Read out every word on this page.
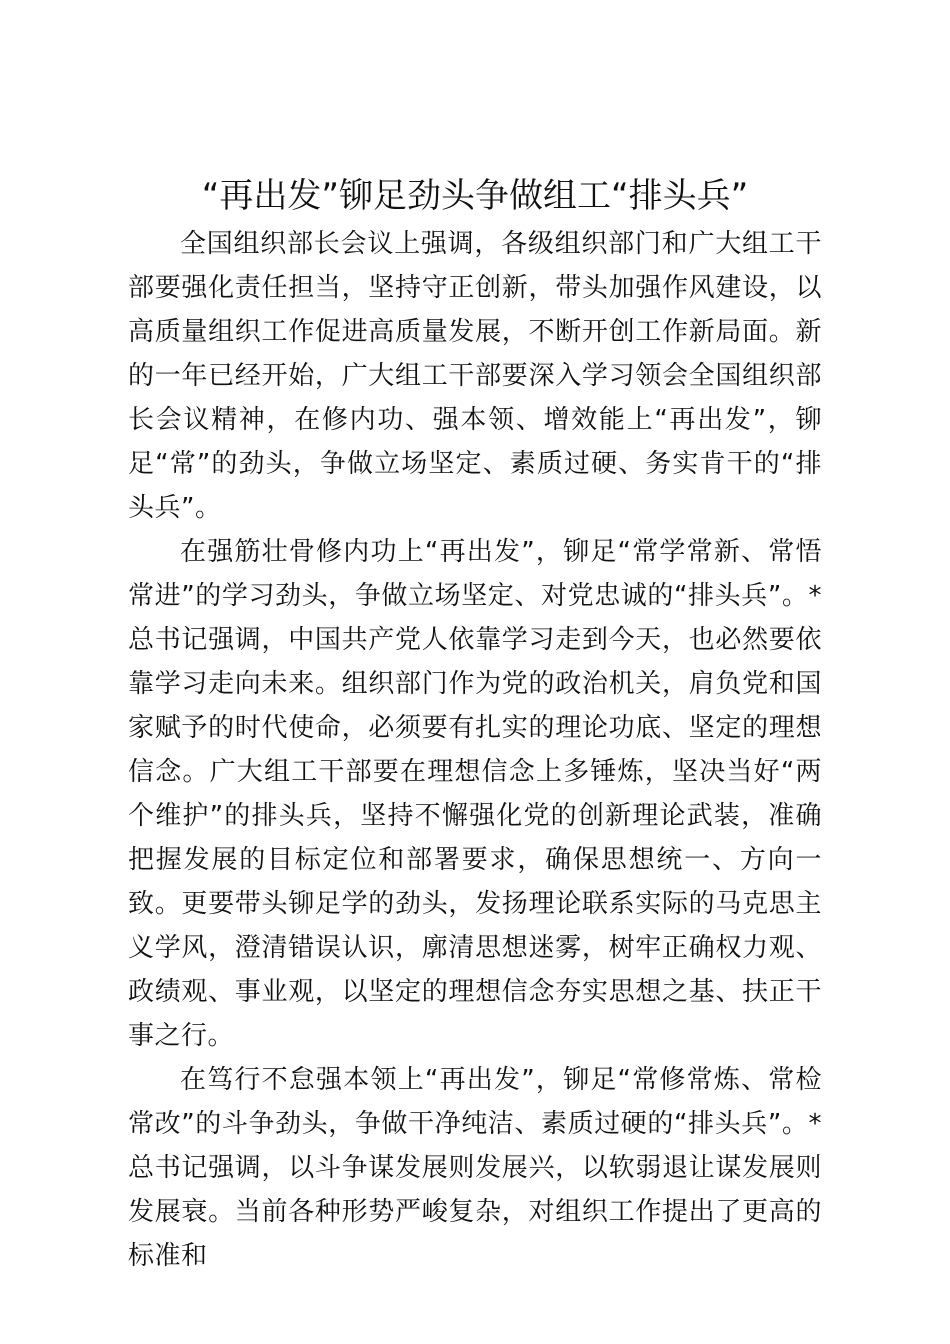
“再出发”铆足劲头争做组工“排头兵”

全国组织部长会议上强调，各级组织部门和广大组工干部要强化责任担当，坚持守正创新，带头加强作风建设，以高质量组织工作促进高质量发展，不断开创工作新局面。新的一年已经开始，广大组工干部要深入学习领会全国组织部长会议精神，在修内功、强本领、增效能上“再出发”，铆足“常”的劲头，争做立场坚定、素质过硬、务实肯干的“排头兵”。

在强筋壮骨修内功上“再出发”，铆足“常学常新、常悟常进”的学习劲头，争做立场坚定、对党忠诚的“排头兵”。*总书记强调，中国共产党人依靠学习走到今天，也必然要依靠学习走向未来。组织部门作为党的政治机关，肩负党和国家赋予的时代使命，必须要有扎实的理论功底、坚定的理想信念。广大组工干部要在理想信念上多锤炼，坚决当好“两个维护”的排头兵，坚持不懈强化党的创新理论武装，准确把握发展的目标定位和部署要求，确保思想统一、方向一致。更要带头铆足学的劲头，发扬理论联系实际的马克思主义学风，澄清错误认识，廓清思想迷雾，树牢正确权力观、政绩观、事业观，以坚定的理想信念夯实思想之基、扶正干事之行。

在笃行不怠强本领上“再出发”，铆足“常修常炼、常检常改”的斗争劲头，争做干净纯洁、素质过硬的“排头兵”。*总书记强调，以斗争谋发展则发展兴，以软弱退让谋发展则发展衰。当前各种形势严峻复杂，对组织工作提出了更高的标准和
